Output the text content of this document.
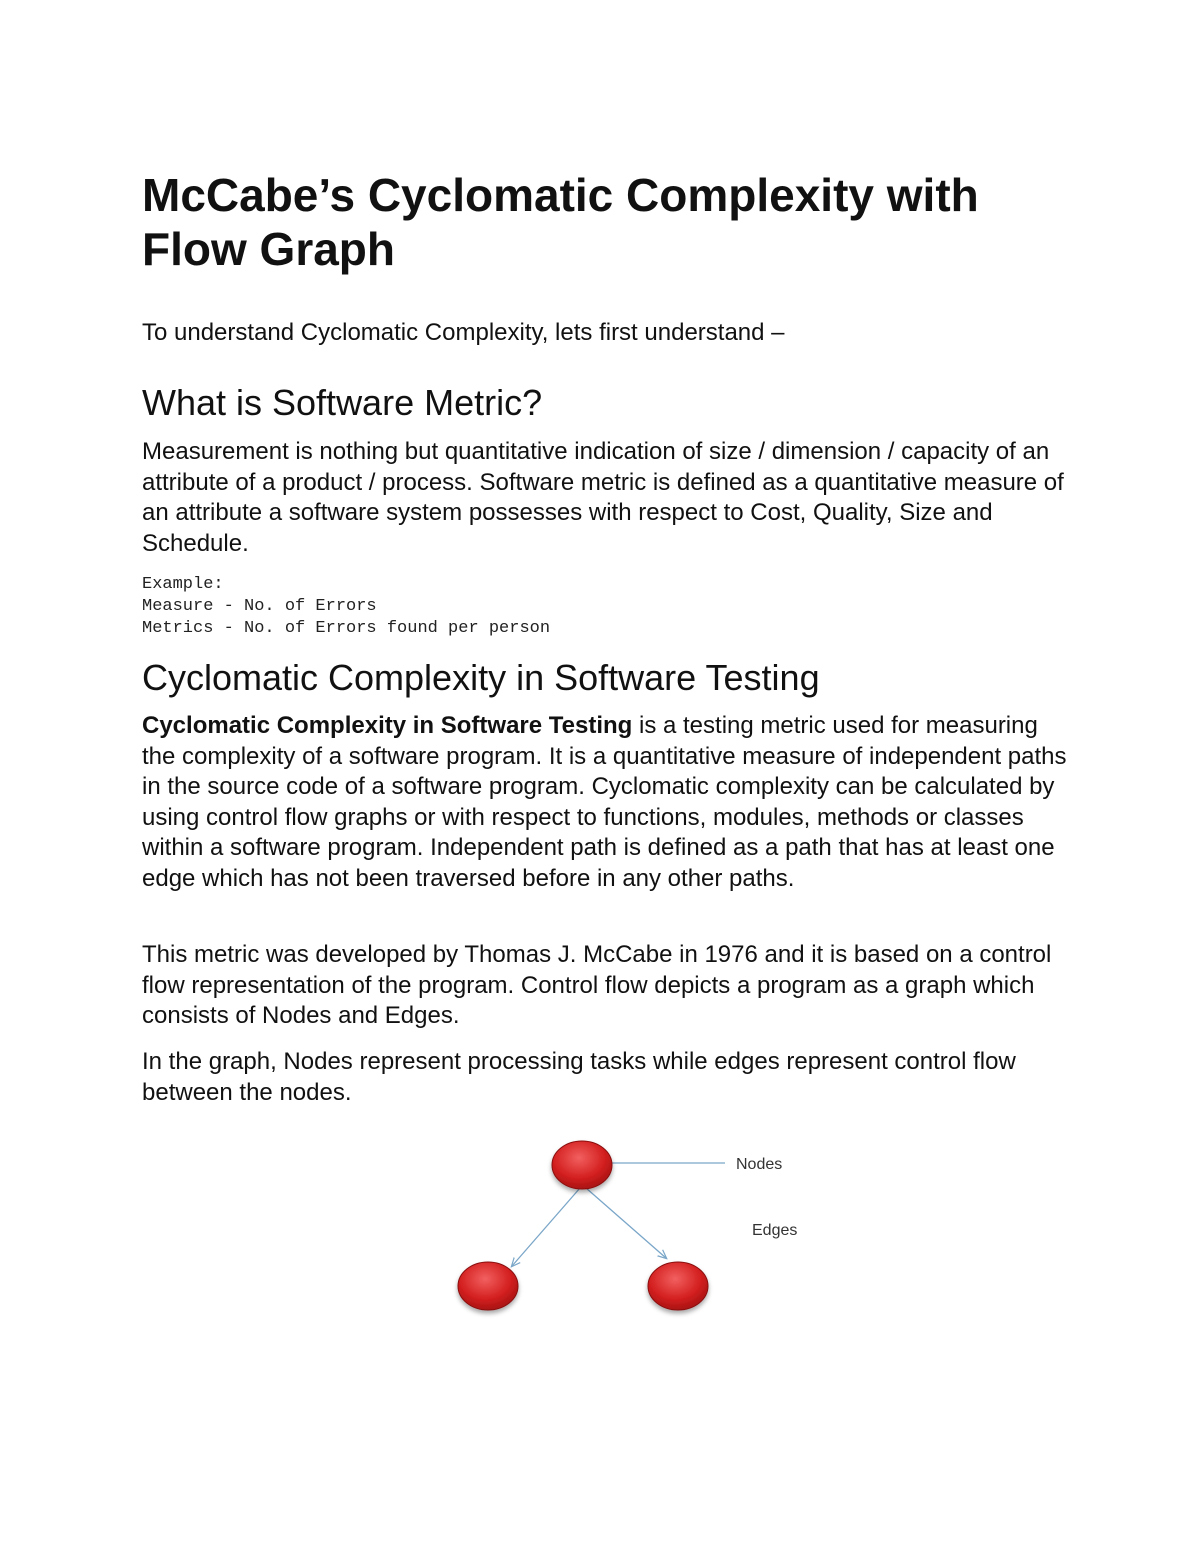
McCabe’s Cyclomatic Complexity with Flow Graph

To understand Cyclomatic Complexity, lets first understand –

What is Software Metric?

Measurement is nothing but quantitative indication of size / dimension / capacity of an attribute of a product / process. Software metric is defined as a quantitative measure of an attribute a software system possesses with respect to Cost, Quality, Size and Schedule.

Example:
Measure - No. of Errors
Metrics - No. of Errors found per person
Cyclomatic Complexity in Software Testing

Cyclomatic Complexity in Software Testing is a testing metric used for measuring the complexity of a software program. It is a quantitative measure of independent paths in the source code of a software program. Cyclomatic complexity can be calculated by using control flow graphs or with respect to functions, modules, methods or classes within a software program. Independent path is defined as a path that has at least one edge which has not been traversed before in any other paths.

This metric was developed by Thomas J. McCabe in 1976 and it is based on a control flow representation of the program. Control flow depicts a program as a graph which consists of Nodes and Edges.

In the graph, Nodes represent processing tasks while edges represent control flow between the nodes.

Nodes
Edges
